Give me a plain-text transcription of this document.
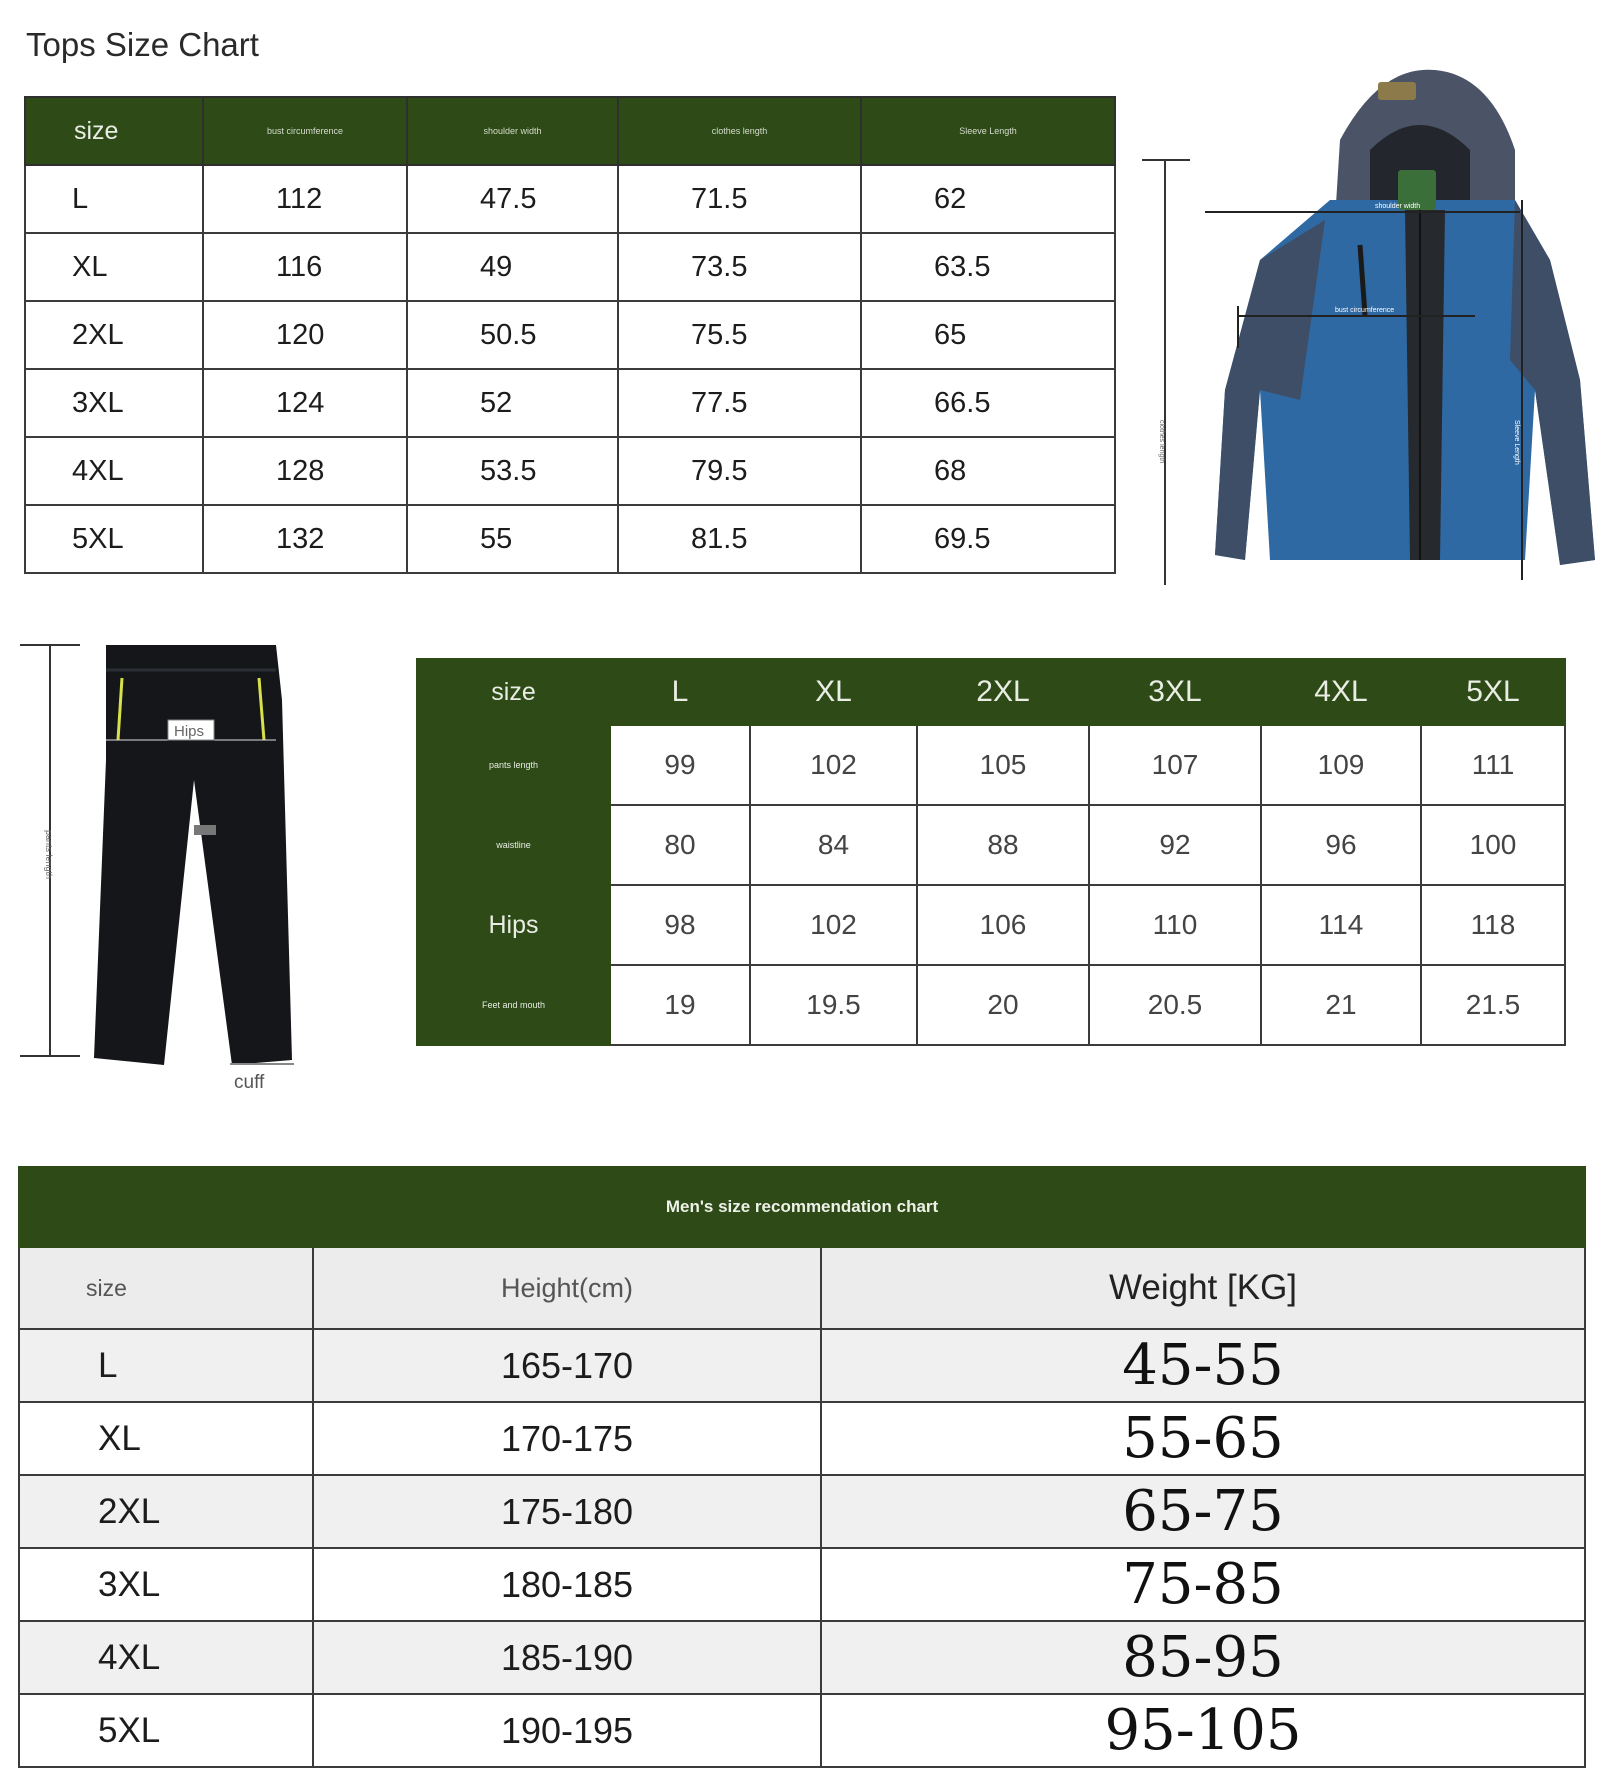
Tops Size Chart
size	bust circumference	shoulder width	clothes length	Sleeve Length
L	112	47.5	71.5	62
XL	116	49	73.5	63.5
2XL	120	50.5	75.5	65
3XL	124	52	77.5	66.5
4XL	128	53.5	79.5	68
5XL	132	55	81.5	69.5
clothes length
shoulder width
bust circumference
Sleeve Length
pants length
Hips
cuff
size	L	XL	2XL	3XL	4XL	5XL
pants length	99	102	105	107	109	111
waistline	80	84	88	92	96	100
Hips	98	102	106	110	114	118
Feet and mouth	19	19.5	20	20.5	21	21.5
Men's size recommendation chart		
size	Height(cm)	Weight [KG]
L	165-170	45-55
XL	170-175	55-65
2XL	175-180	65-75
3XL	180-185	75-85
4XL	185-190	85-95
5XL	190-195	95-105
